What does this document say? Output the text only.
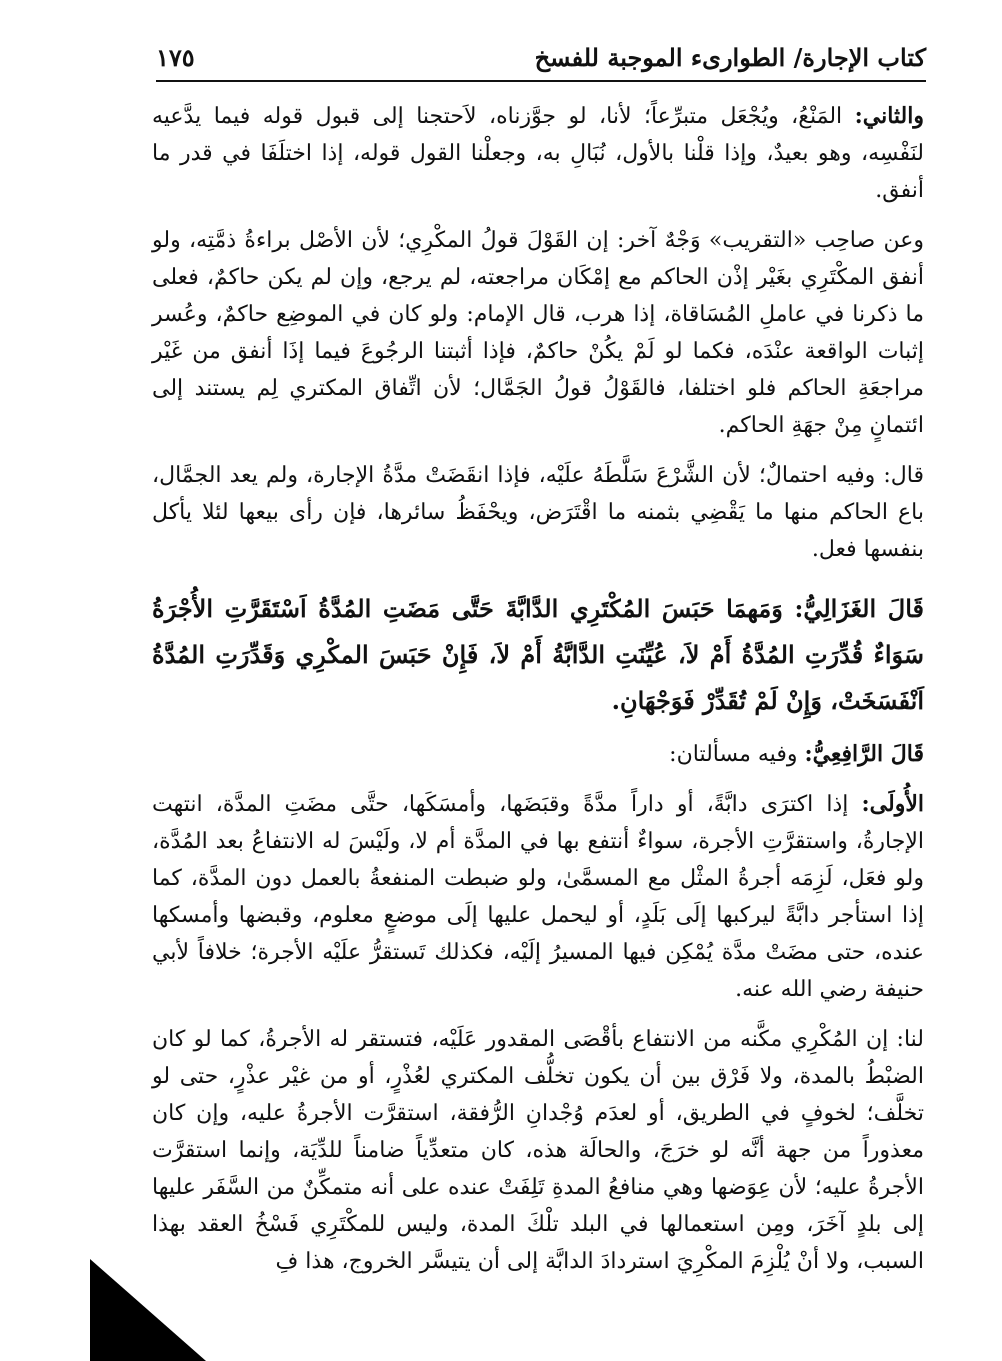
كتاب الإجارة/ الطوارىء الموجبة للفسخ
١٧٥

والثاني: المَنْعُ، ويُجْعَل متبرِّعاً؛ لأنا، لو جوَّزناه، لاَحتجنا إلى قبول قوله فيما يدَّعيه لنَفْسِه، وهو بعيدٌ، وإذا قلْنا بالأول، نُبَالِ به، وجعلْنا القول قوله، إذا اختلَفَا في قدر ما أنفق.

وعن صاحِب «التقريب» وَجْهٌ آخر: إن القَوْلَ قولُ المكْرِي؛ لأن الأصْل براءةُ ذمَّتِه، ولو أنفق المكْتَرِي بغَيْر إذْن الحاكم مع إمْكَان مراجعته، لم يرجع، وإن لم يكن حاكمٌ، فعلى ما ذكرنا في عاملِ المُسَاقاة، إذا هرب، قال الإمام: ولو كان في الموضِع حاكمٌ، وعُسر إثبات الواقعة عنْدَه، فكما لو لَمْ يكُنْ حاكمٌ، فإذا أثبتنا الرجُوعَ فيما إذَا أنفق من غَيْر مراجعَةِ الحاكم فلو اختلفا، فالقَوْلُ قولُ الجَمَّال؛ لأن اتِّفاق المكتري لِم يستند إلى ائتمانٍ مِنْ جهَةِ الحاكم.

قال: وفيه احتمالٌ؛ لأن الشَّرْعَ سَلَّطَهُ علَيْه، فإذا انقَضَتْ مدَّةُ الإجارة، ولم يعد الجمَّال، باع الحاكم منها ما يَقْضِي بثمنه ما اقْتَرَض، ويحْفَظُ سائرها، فإن رأى بيعها لئلا يأكل بنفسها فعل.

قَالَ الغَزَالِيُّ: وَمَهمَا حَبَسَ المُكْتَرِي الدَّابَّةَ حَتَّى مَضَتِ المُدَّةُ اَسْتَقَرَّتِ الأُجْرَةُ سَوَاءٌ قُدِّرَتِ المُدَّةُ أَمْ لاَ، عُيِّنَتِ الدَّابَّةُ أَمْ لاَ، فَإِنْ حَبَسَ المكْرِي وَقَدِّرَتِ المُدَّةُ اَنْفَسَخَتْ، وَإِنْ لَمْ تُقَدِّرْ فَوَجْهَانِ.

قَالَ الرَّافِعِيُّ: وفيه مسألتان:

الأُولَى: إذا اكترَى دابَّةً، أو داراً مدَّةً وقبَضَها، وأمسَكَها، حتَّى مضَتِ المدَّة، انتهت الإجارةُ، واستقرَّتِ الأجرة، سواءٌ أنتفع بها في المدَّة أم لا، ولَيْسَ له الانتفاعُ بعد المُدَّة، ولو فعَل، لَزِمَه أجرةُ المثْل مع المسمَّىٰ، ولو ضبطت المنفعةُ بالعمل دون المدَّة، كما إذا استأجر دابَّةً ليركبها إلَى بَلَدٍ، أو ليحمل عليها إلَى موضعٍ معلوم، وقبضها وأمسكها عنده، حتى مضَتْ مدَّة يُمْكِن فيها المسيرُ إلَيْه، فكذلك تَستقرُّ علَيْه الأجرة؛ خلافاً لأبي حنيفة رضي الله عنه.

لنا: إن المُكْرِي مكَّنه من الانتفاع بأقْصَى المقدور عَلَيْه، فتستقر له الأجرةُ، كما لو كان الضبْطُ بالمدة، ولا فَرْق بين أن يكون تخلُّف المكتري لعُذْرٍ، أو من غيْر عذْرٍ، حتى لو تخلَّف؛ لخوفٍ في الطريق، أو لعدَم وُجْدانِ الرُّفقة، استقرَّت الأجرةُ عليه، وإن كان معذوراً من جهة أنَّه لو خرَجَ، والحالَة هذه، كان متعدِّياً ضامناً للدِّيَة، وإنما استقرَّت الأجرةُ عليه؛ لأن عِوَضها وهي منافعُ المدةِ تَلِفَتْ عنده على أنه متمكِّنٌ من السَّفَر عليها إلى بلدٍ آخَرَ، ومِن استعمالها في البلد تلْكَ المدة، وليس للمكْتَرِي فَسْخُ العقد بهذا السبب، ولا أنْ يُلْزِمَ المكْرِيَ استردادَ الدابَّة إلى أن يتيسَّر الخروج، هذا فِ
